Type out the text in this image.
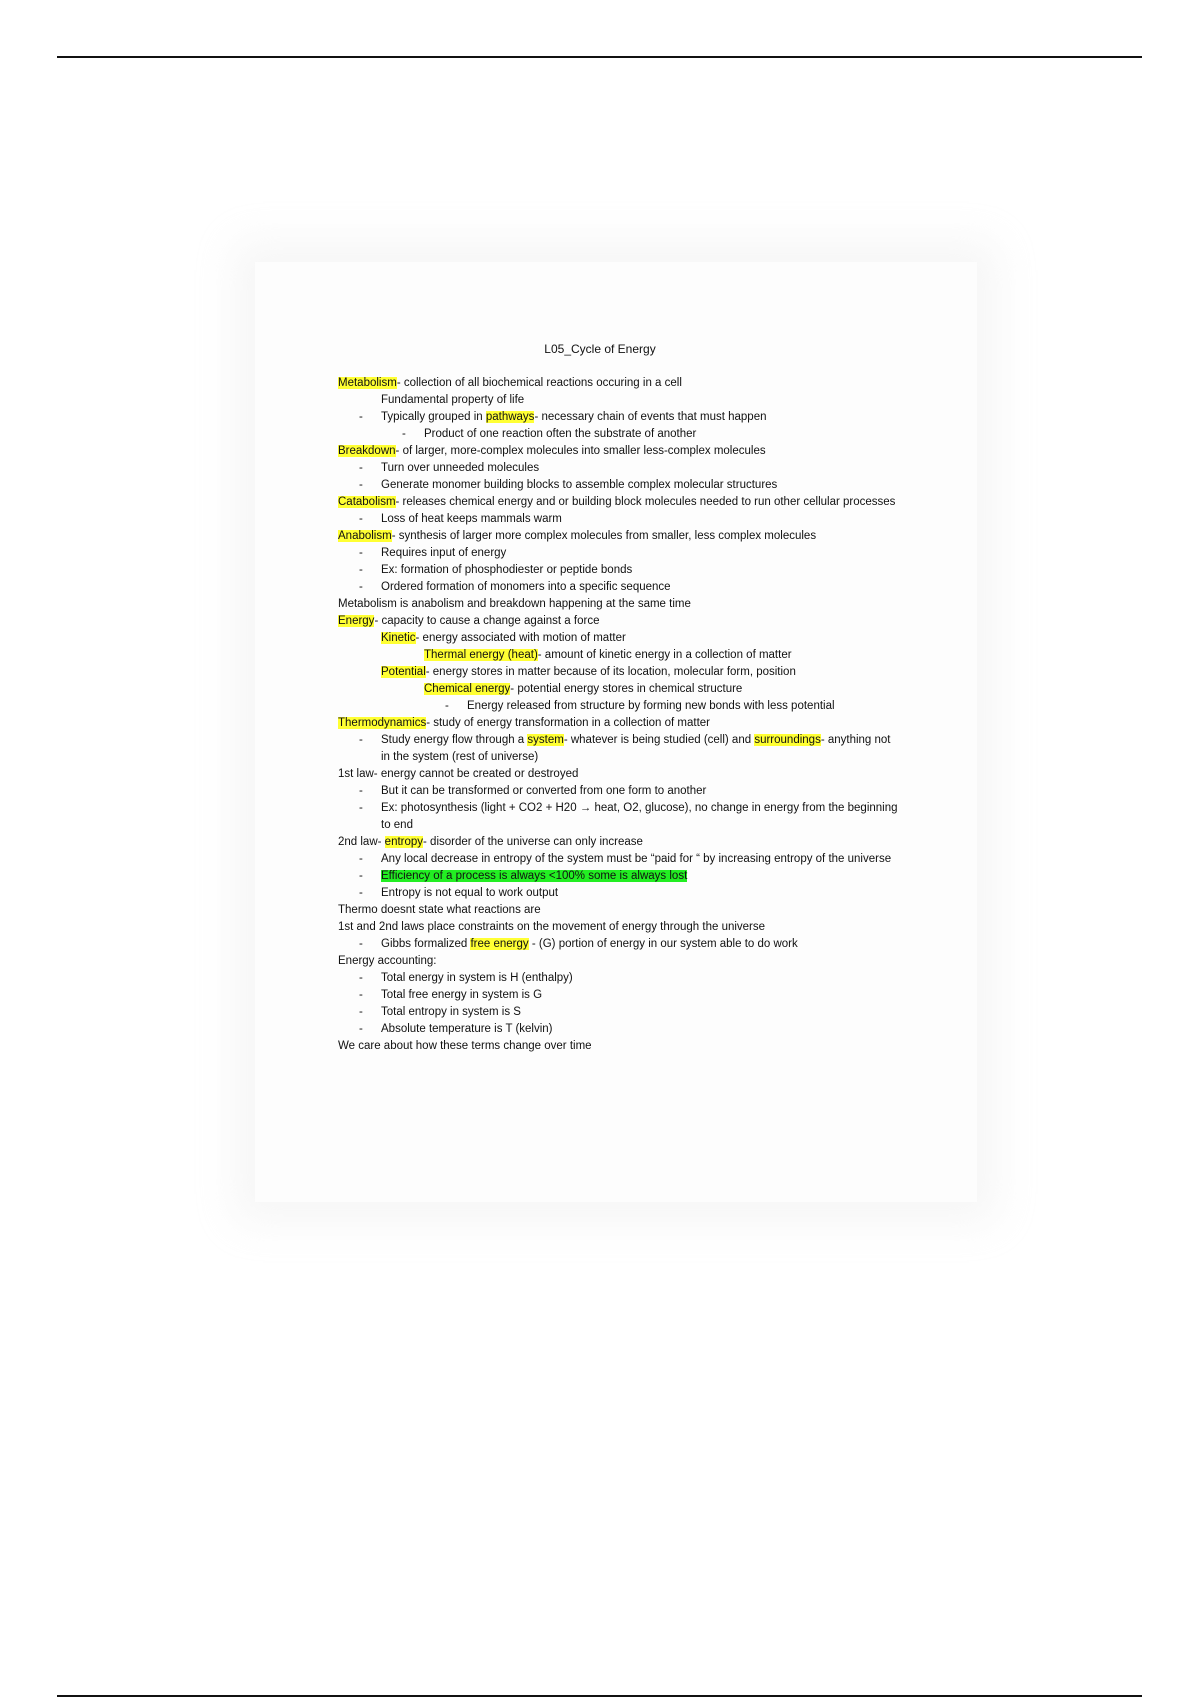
L05_Cycle of Energy
Metabolism- collection of all biochemical reactions occuring in a cell
Fundamental property of life
-	Typically grouped in pathways- necessary chain of events that must happen
-	Product of one reaction often the substrate of another
Breakdown- of larger, more-complex molecules into smaller less-complex molecules
-	Turn over unneeded molecules
-	Generate monomer building blocks to assemble complex molecular structures
Catabolism- releases chemical energy and or building block molecules needed to run other cellular processes
-	Loss of heat keeps mammals warm
Anabolism- synthesis of larger more complex molecules from smaller, less complex molecules
-	Requires input of energy
-	Ex: formation of phosphodiester or peptide bonds
-	Ordered formation of monomers into a specific sequence
Metabolism is anabolism and breakdown happening at the same time
Energy- capacity to cause a change against a force
Kinetic- energy associated with motion of matter
Thermal energy (heat)- amount of kinetic energy in a collection of matter
Potential- energy stores in matter because of its location, molecular form, position
Chemical energy- potential energy stores in chemical structure
-	Energy released from structure by forming new bonds with less potential
Thermodynamics- study of energy transformation in a collection of matter
-	Study energy flow through a system- whatever is being studied (cell) and surroundings- anything not in the system (rest of universe)
1st law- energy cannot be created or destroyed
-	But it can be transformed or converted from one form to another
-	Ex: photosynthesis (light + CO2 + H20 → heat, O2, glucose), no change in energy from the beginning to end
2nd law- entropy- disorder of the universe can only increase
-	Any local decrease in entropy of the system must be “paid for “ by increasing entropy of the universe
-	Efficiency of a process is always <100% some is always lost
-	Entropy is not equal to work output
Thermo doesnt state what reactions are
1st and 2nd laws place constraints on the movement of energy through the universe
-	Gibbs formalized free energy - (G) portion of energy in our system able to do work
Energy accounting:
-	Total energy in system is H (enthalpy)
-	Total free energy in system is G
-	Total entropy in system is S
-	Absolute temperature is T (kelvin)
We care about how these terms change over time
